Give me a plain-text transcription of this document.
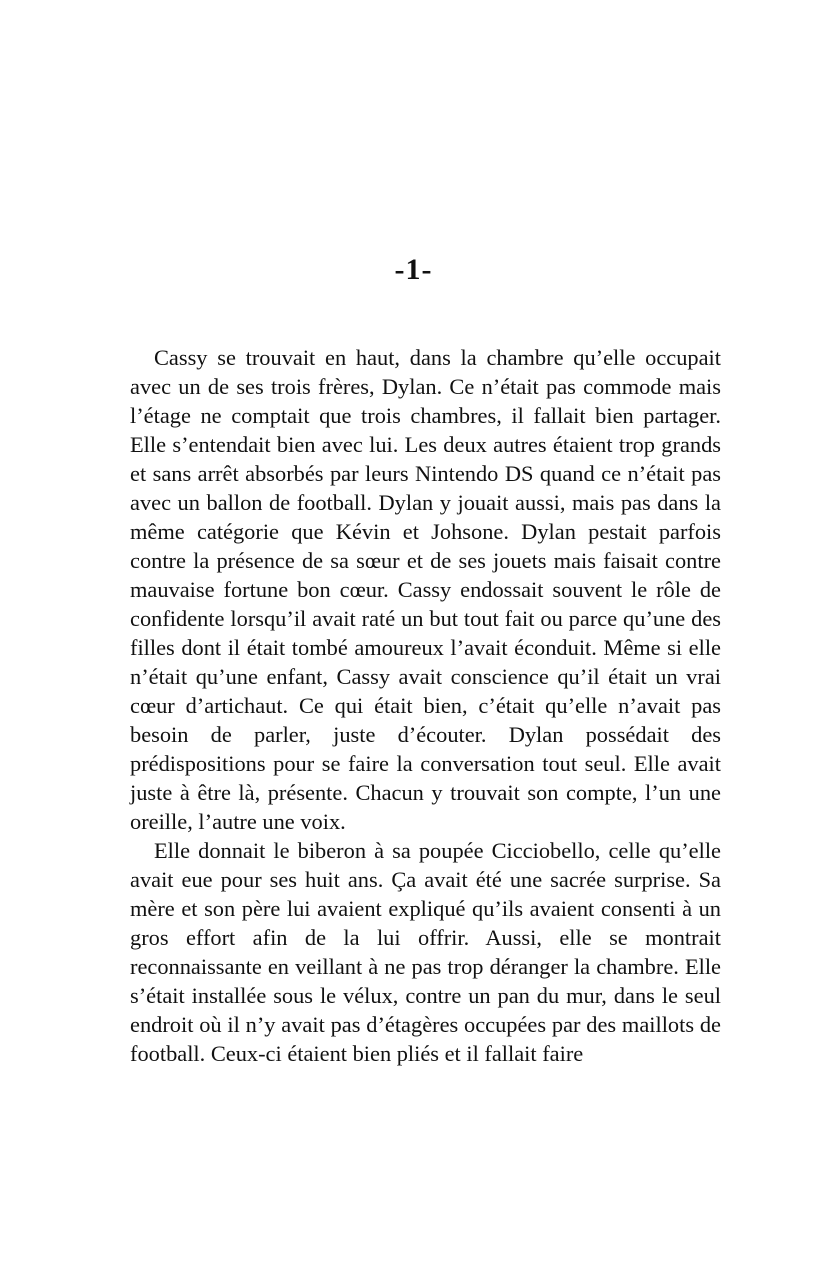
-1-

Cassy se trouvait en haut, dans la chambre qu’elle occupait avec un de ses trois frères, Dylan. Ce n’était pas commode mais l’étage ne comptait que trois chambres, il fallait bien partager. Elle s’entendait bien avec lui. Les deux autres étaient trop grands et sans arrêt absorbés par leurs Nintendo DS quand ce n’était pas avec un ballon de football. Dylan y jouait aussi, mais pas dans la même catégorie que Kévin et Johsone. Dylan pestait parfois contre la présence de sa sœur et de ses jouets mais faisait contre mauvaise fortune bon cœur. Cassy endossait souvent le rôle de confidente lorsqu’il avait raté un but tout fait ou parce qu’une des filles dont il était tombé amoureux l’avait éconduit. Même si elle n’était qu’une enfant, Cassy avait conscience qu’il était un vrai cœur d’artichaut. Ce qui était bien, c’était qu’elle n’avait pas besoin de parler, juste d’écouter. Dylan possédait des prédispositions pour se faire la conversation tout seul. Elle avait juste à être là, présente. Chacun y trouvait son compte, l’un une oreille, l’autre une voix.

Elle donnait le biberon à sa poupée Cicciobello, celle qu’elle avait eue pour ses huit ans. Ça avait été une sacrée surprise. Sa mère et son père lui avaient expliqué qu’ils avaient consenti à un gros effort afin de la lui offrir. Aussi, elle se montrait reconnaissante en veillant à ne pas trop déranger la chambre. Elle s’était installée sous le vélux, contre un pan du mur, dans le seul endroit où il n’y avait pas d’étagères occupées par des maillots de football. Ceux-ci étaient bien pliés et il fallait faire
